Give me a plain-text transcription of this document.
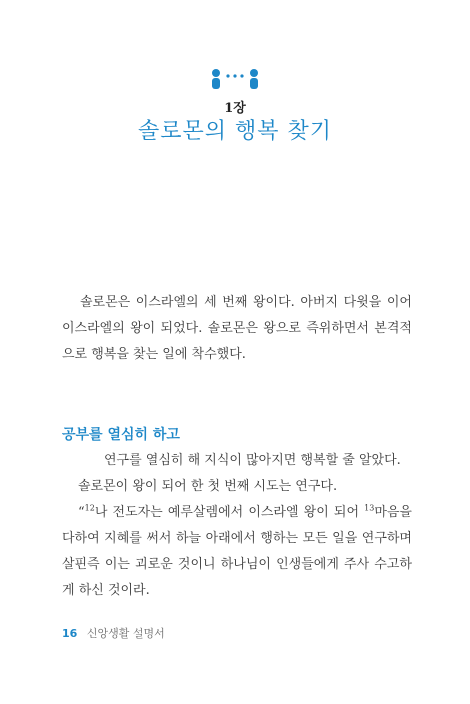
1장
솔로몬의 행복 찾기

솔로몬은 이스라엘의 세 번째 왕이다. 아버지 다윗을 이어 이스라엘의 왕이 되었다. 솔로몬은 왕으로 즉위하면서 본격적으로 행복을 찾는 일에 착수했다.

공부를 열심히 하고

연구를 열심히 해 지식이 많아지면 행복할 줄 알았다.

솔로몬이 왕이 되어 한 첫 번째 시도는 연구다.

“$^{12}$나 전도자는 예루살렘에서 이스라엘 왕이 되어 $^{13}$마음을 다하여 지혜를 써서 하늘 아래에서 행하는 모든 일을 연구하며 살핀즉 이는 괴로운 것이니 하나님이 인생들에게 주사 수고하게 하신 것이라.

16 신앙생활 설명서
